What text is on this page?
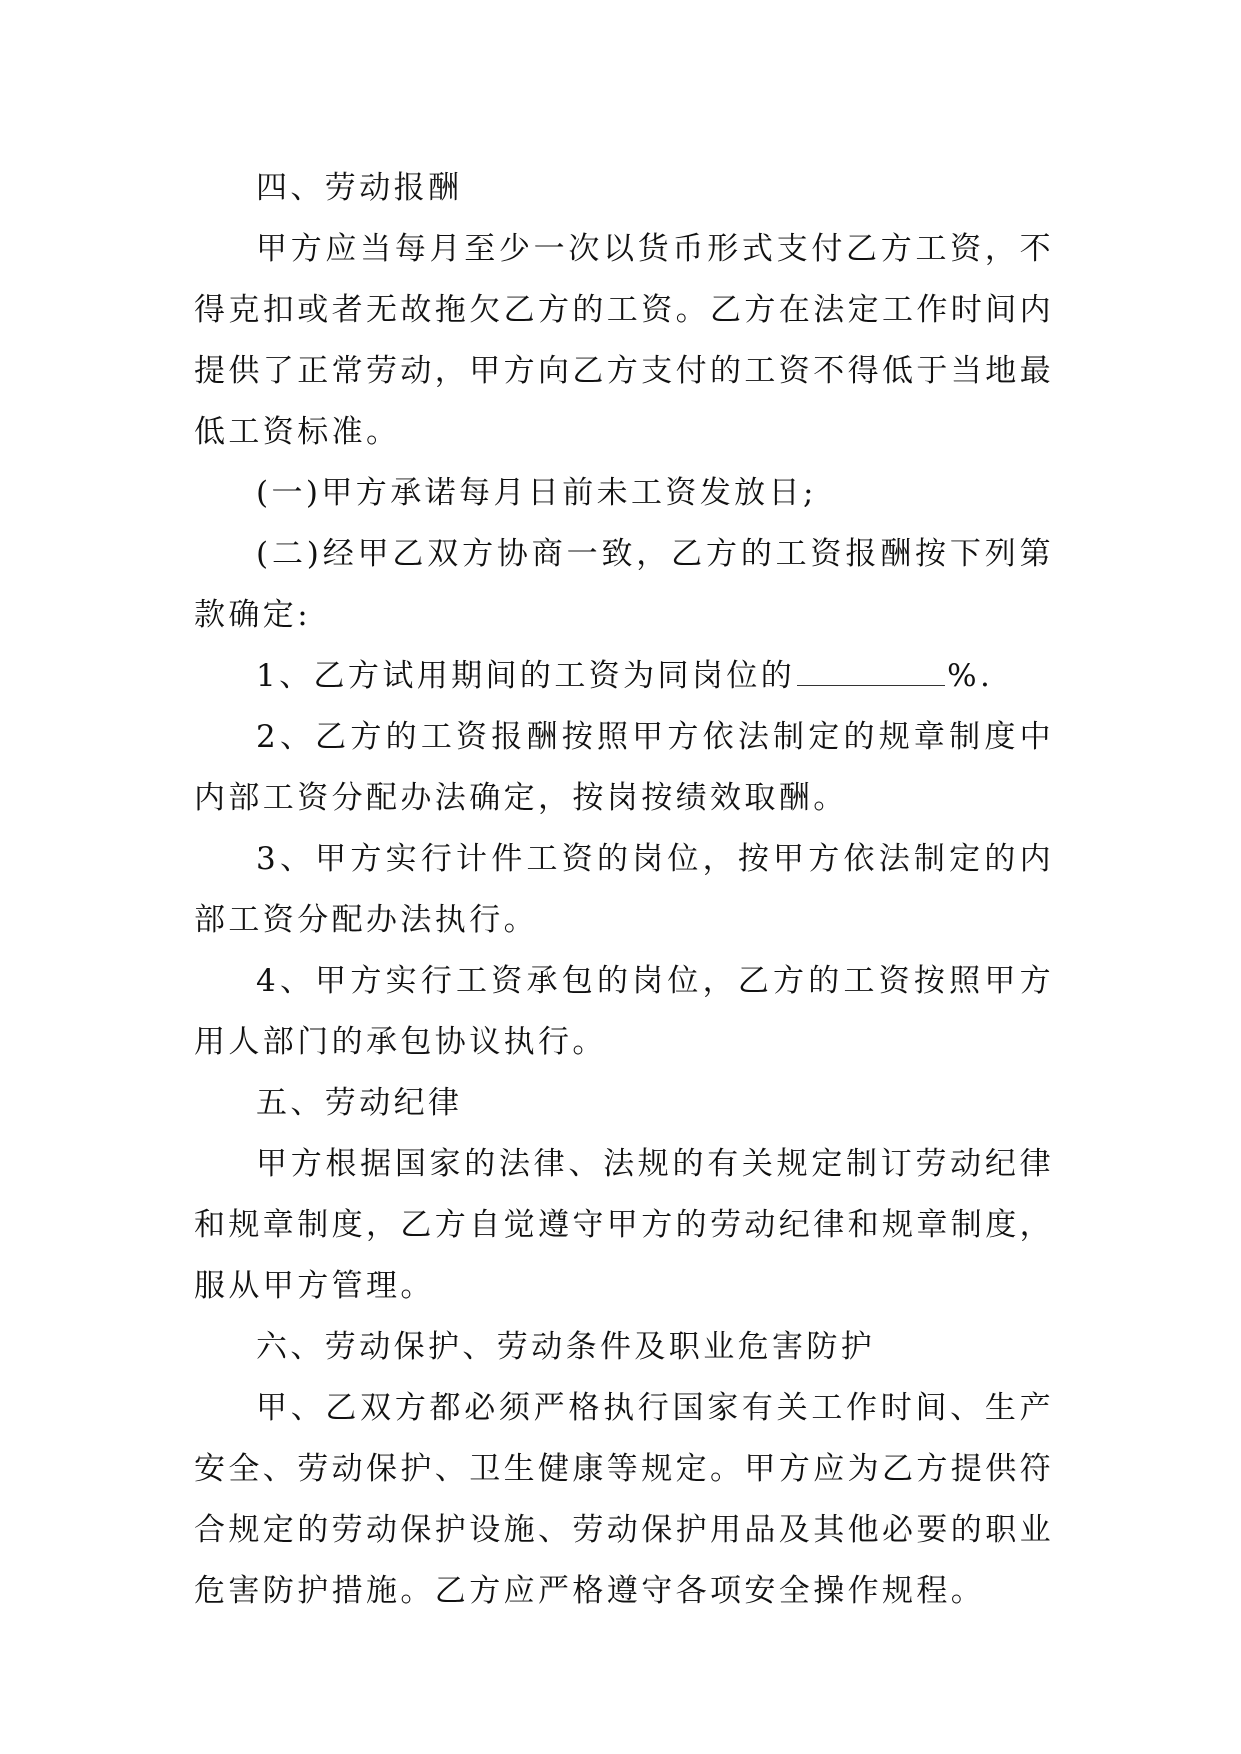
四、劳动报酬

甲方应当每月至少一次以货币形式支付乙方工资，不得克扣或者无故拖欠乙方的工资。乙方在法定工作时间内提供了正常劳动，甲方向乙方支付的工资不得低于当地最低工资标准。

(一)甲方承诺每月日前未工资发放日;

(二)经甲乙双方协商一致，乙方的工资报酬按下列第款确定:

1、乙方试用期间的工资为同岗位的	%.

2、乙方的工资报酬按照甲方依法制定的规章制度中内部工资分配办法确定，按岗按绩效取酬。

3、甲方实行计件工资的岗位，按甲方依法制定的内部工资分配办法执行。

4、甲方实行工资承包的岗位，乙方的工资按照甲方用人部门的承包协议执行。

五、劳动纪律

甲方根据国家的法律、法规的有关规定制订劳动纪律和规章制度，乙方自觉遵守甲方的劳动纪律和规章制度，服从甲方管理。

六、劳动保护、劳动条件及职业危害防护

甲、乙双方都必须严格执行国家有关工作时间、生产安全、劳动保护、卫生健康等规定。甲方应为乙方提供符合规定的劳动保护设施、劳动保护用品及其他必要的职业危害防护措施。乙方应严格遵守各项安全操作规程。
